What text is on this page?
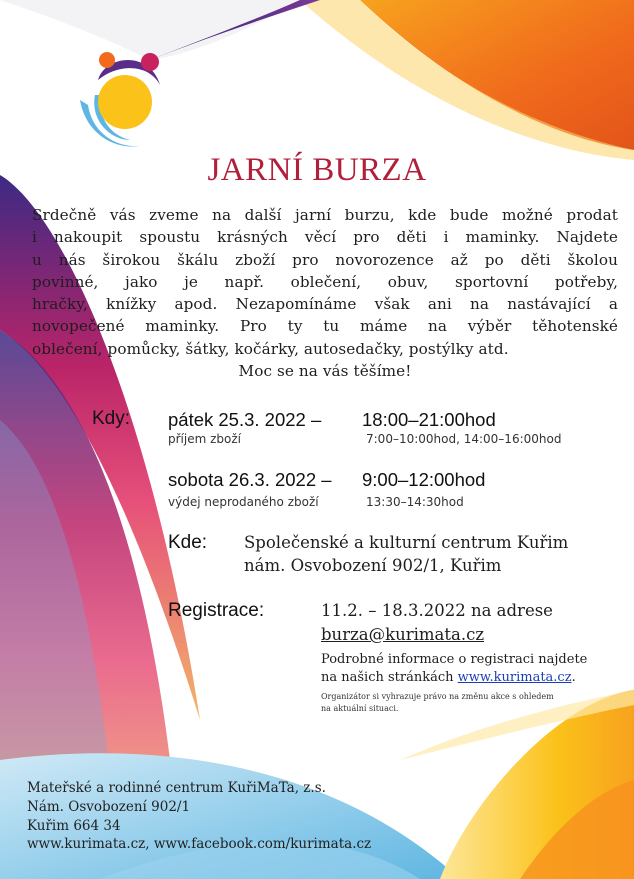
JARNÍ BURZA

Srdečně vás zveme na další jarní burzu, kde bude možné prodat

i nakoupit spoustu krásných věcí pro děti i maminky. Najdete

u nás širokou škálu zboží pro novorozence až po děti školou

povinné, jako je např. oblečení, obuv, sportovní potřeby,

hračky, knížky apod. Nezapomínáme však ani na nastávající a

novopečené maminky. Pro ty tu máme na výběr těhotenské

oblečení, pomůcky, šátky, kočárky, autosedačky, postýlky atd.

Moc se na vás těšíme!

Kdy: pátek 25.3. 2022 – 18:00–21:00hod
příjem zboží	7:00–10:00hod, 14:00–16:00hod
sobota 26.3. 2022 – 9:00–12:00hod
výdej neprodaného zboží	13:30–14:30hod
Kde: Společenské a kulturní centrum Kuřim
nám. Osvobození 902/1, Kuřim
Registrace:	11.2. – 18.3.2022 na adrese
burza@kurimata.cz
Podrobné informace o registraci najdete
na našich stránkách www.kurimata.cz.
Organizátor si vyhrazuje právo na změnu akce s ohledem
na aktuální situaci.
Mateřské a rodinné centrum KuřiMaTa, z.s.
Nám. Osvobození 902/1
Kuřim 664 34
www.kurimata.cz, www.facebook.com/kurimata.cz
